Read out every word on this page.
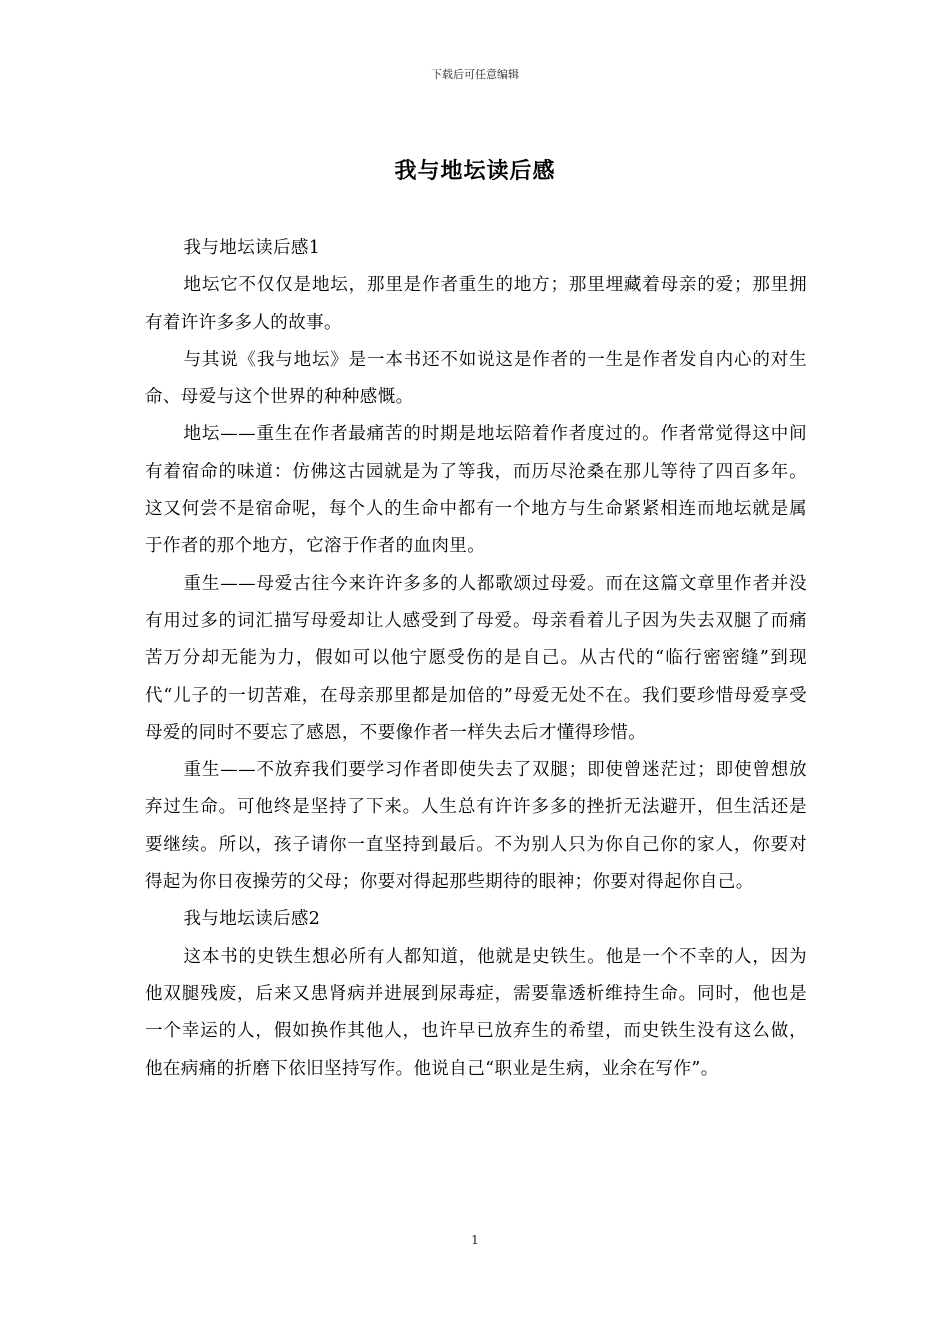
下载后可任意编辑
我与地坛读后感

我与地坛读后感1

地坛它不仅仅是地坛，那里是作者重生的地方；那里埋藏着母亲的爱；那里拥有着许许多多人的故事。

与其说《我与地坛》是一本书还不如说这是作者的一生是作者发自内心的对生命、母爱与这个世界的种种感慨。

地坛——重生在作者最痛苦的时期是地坛陪着作者度过的。作者常觉得这中间有着宿命的味道：仿佛这古园就是为了等我，而历尽沧桑在那儿等待了四百多年。这又何尝不是宿命呢，每个人的生命中都有一个地方与生命紧紧相连而地坛就是属于作者的那个地方，它溶于作者的血肉里。

重生——母爱古往今来许许多多的人都歌颂过母爱。而在这篇文章里作者并没有用过多的词汇描写母爱却让人感受到了母爱。母亲看着儿子因为失去双腿了而痛苦万分却无能为力，假如可以他宁愿受伤的是自己。从古代的“临行密密缝”到现代“儿子的一切苦难，在母亲那里都是加倍的”母爱无处不在。我们要珍惜母爱享受母爱的同时不要忘了感恩，不要像作者一样失去后才懂得珍惜。

重生——不放弃我们要学习作者即使失去了双腿；即使曾迷茫过；即使曾想放弃过生命。可他终是坚持了下来。人生总有许许多多的挫折无法避开，但生活还是要继续。所以，孩子请你一直坚持到最后。不为别人只为你自己你的家人，你要对得起为你日夜操劳的父母；你要对得起那些期待的眼神；你要对得起你自己。

我与地坛读后感2

这本书的史铁生想必所有人都知道，他就是史铁生。他是一个不幸的人，因为他双腿残废，后来又患肾病并进展到尿毒症，需要靠透析维持生命。同时，他也是一个幸运的人，假如换作其他人，也许早已放弃生的希望，而史铁生没有这么做，他在病痛的折磨下依旧坚持写作。他说自己“职业是生病，业余在写作”。

1
